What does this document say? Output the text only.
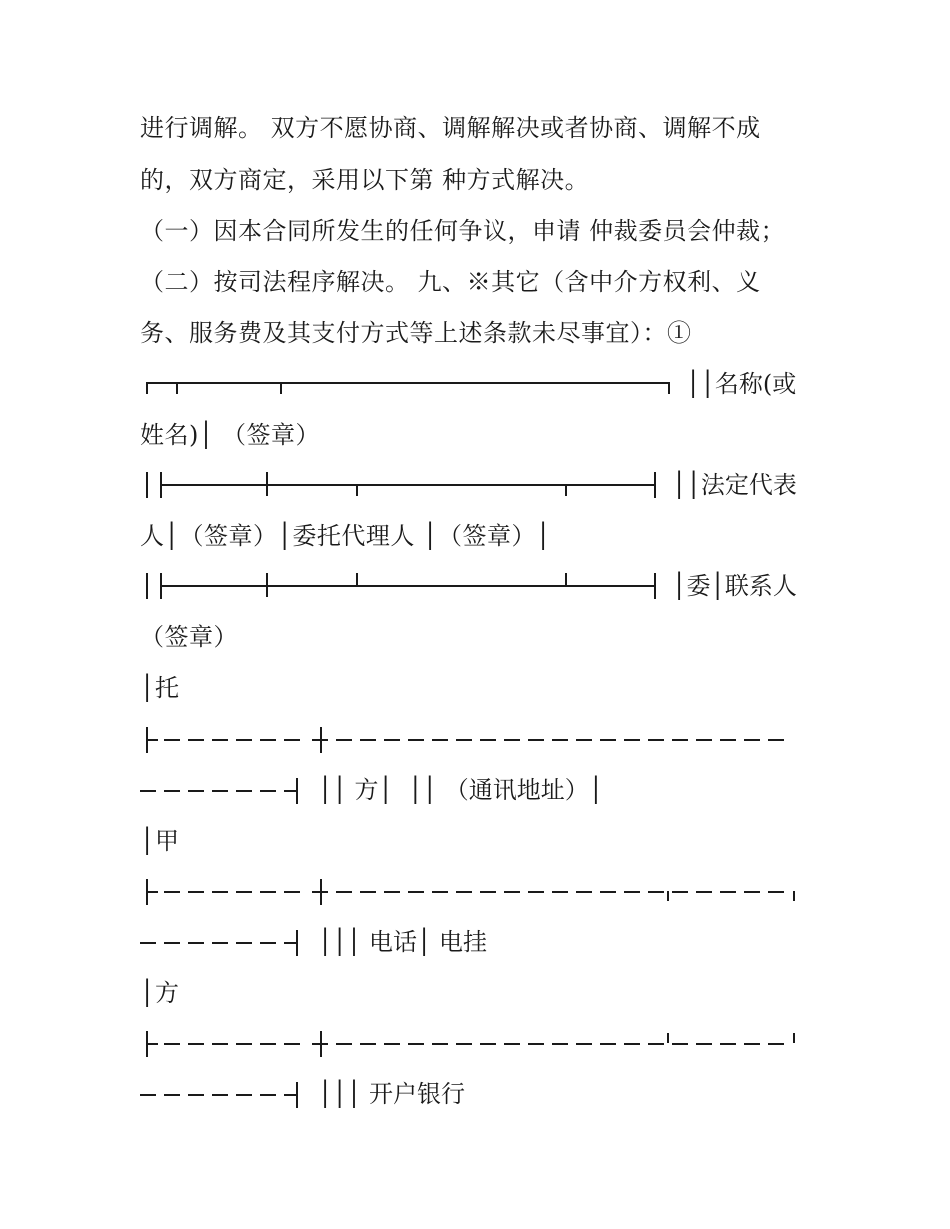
进行调解。 双方不愿协商、调解解决或者协商、调解不成
的，双方商定，采用以下第 种方式解决。
（一）因本合同所发生的任何争议，申请 仲裁委员会仲裁；
（二）按司法程序解决。 九、※其它（含中介方权利、义
务、服务费及其支付方式等上述条款未尽事宜）：①
││名称(或
姓名)│ （签章）
││法定代表
人│（签章）│委托代理人 │（签章）│
│委│联系人
（签章）
│托
││ 方│  ││ （通讯地址）│
│甲
│││ 电话│ 电挂
│方
│││ 开户银行
